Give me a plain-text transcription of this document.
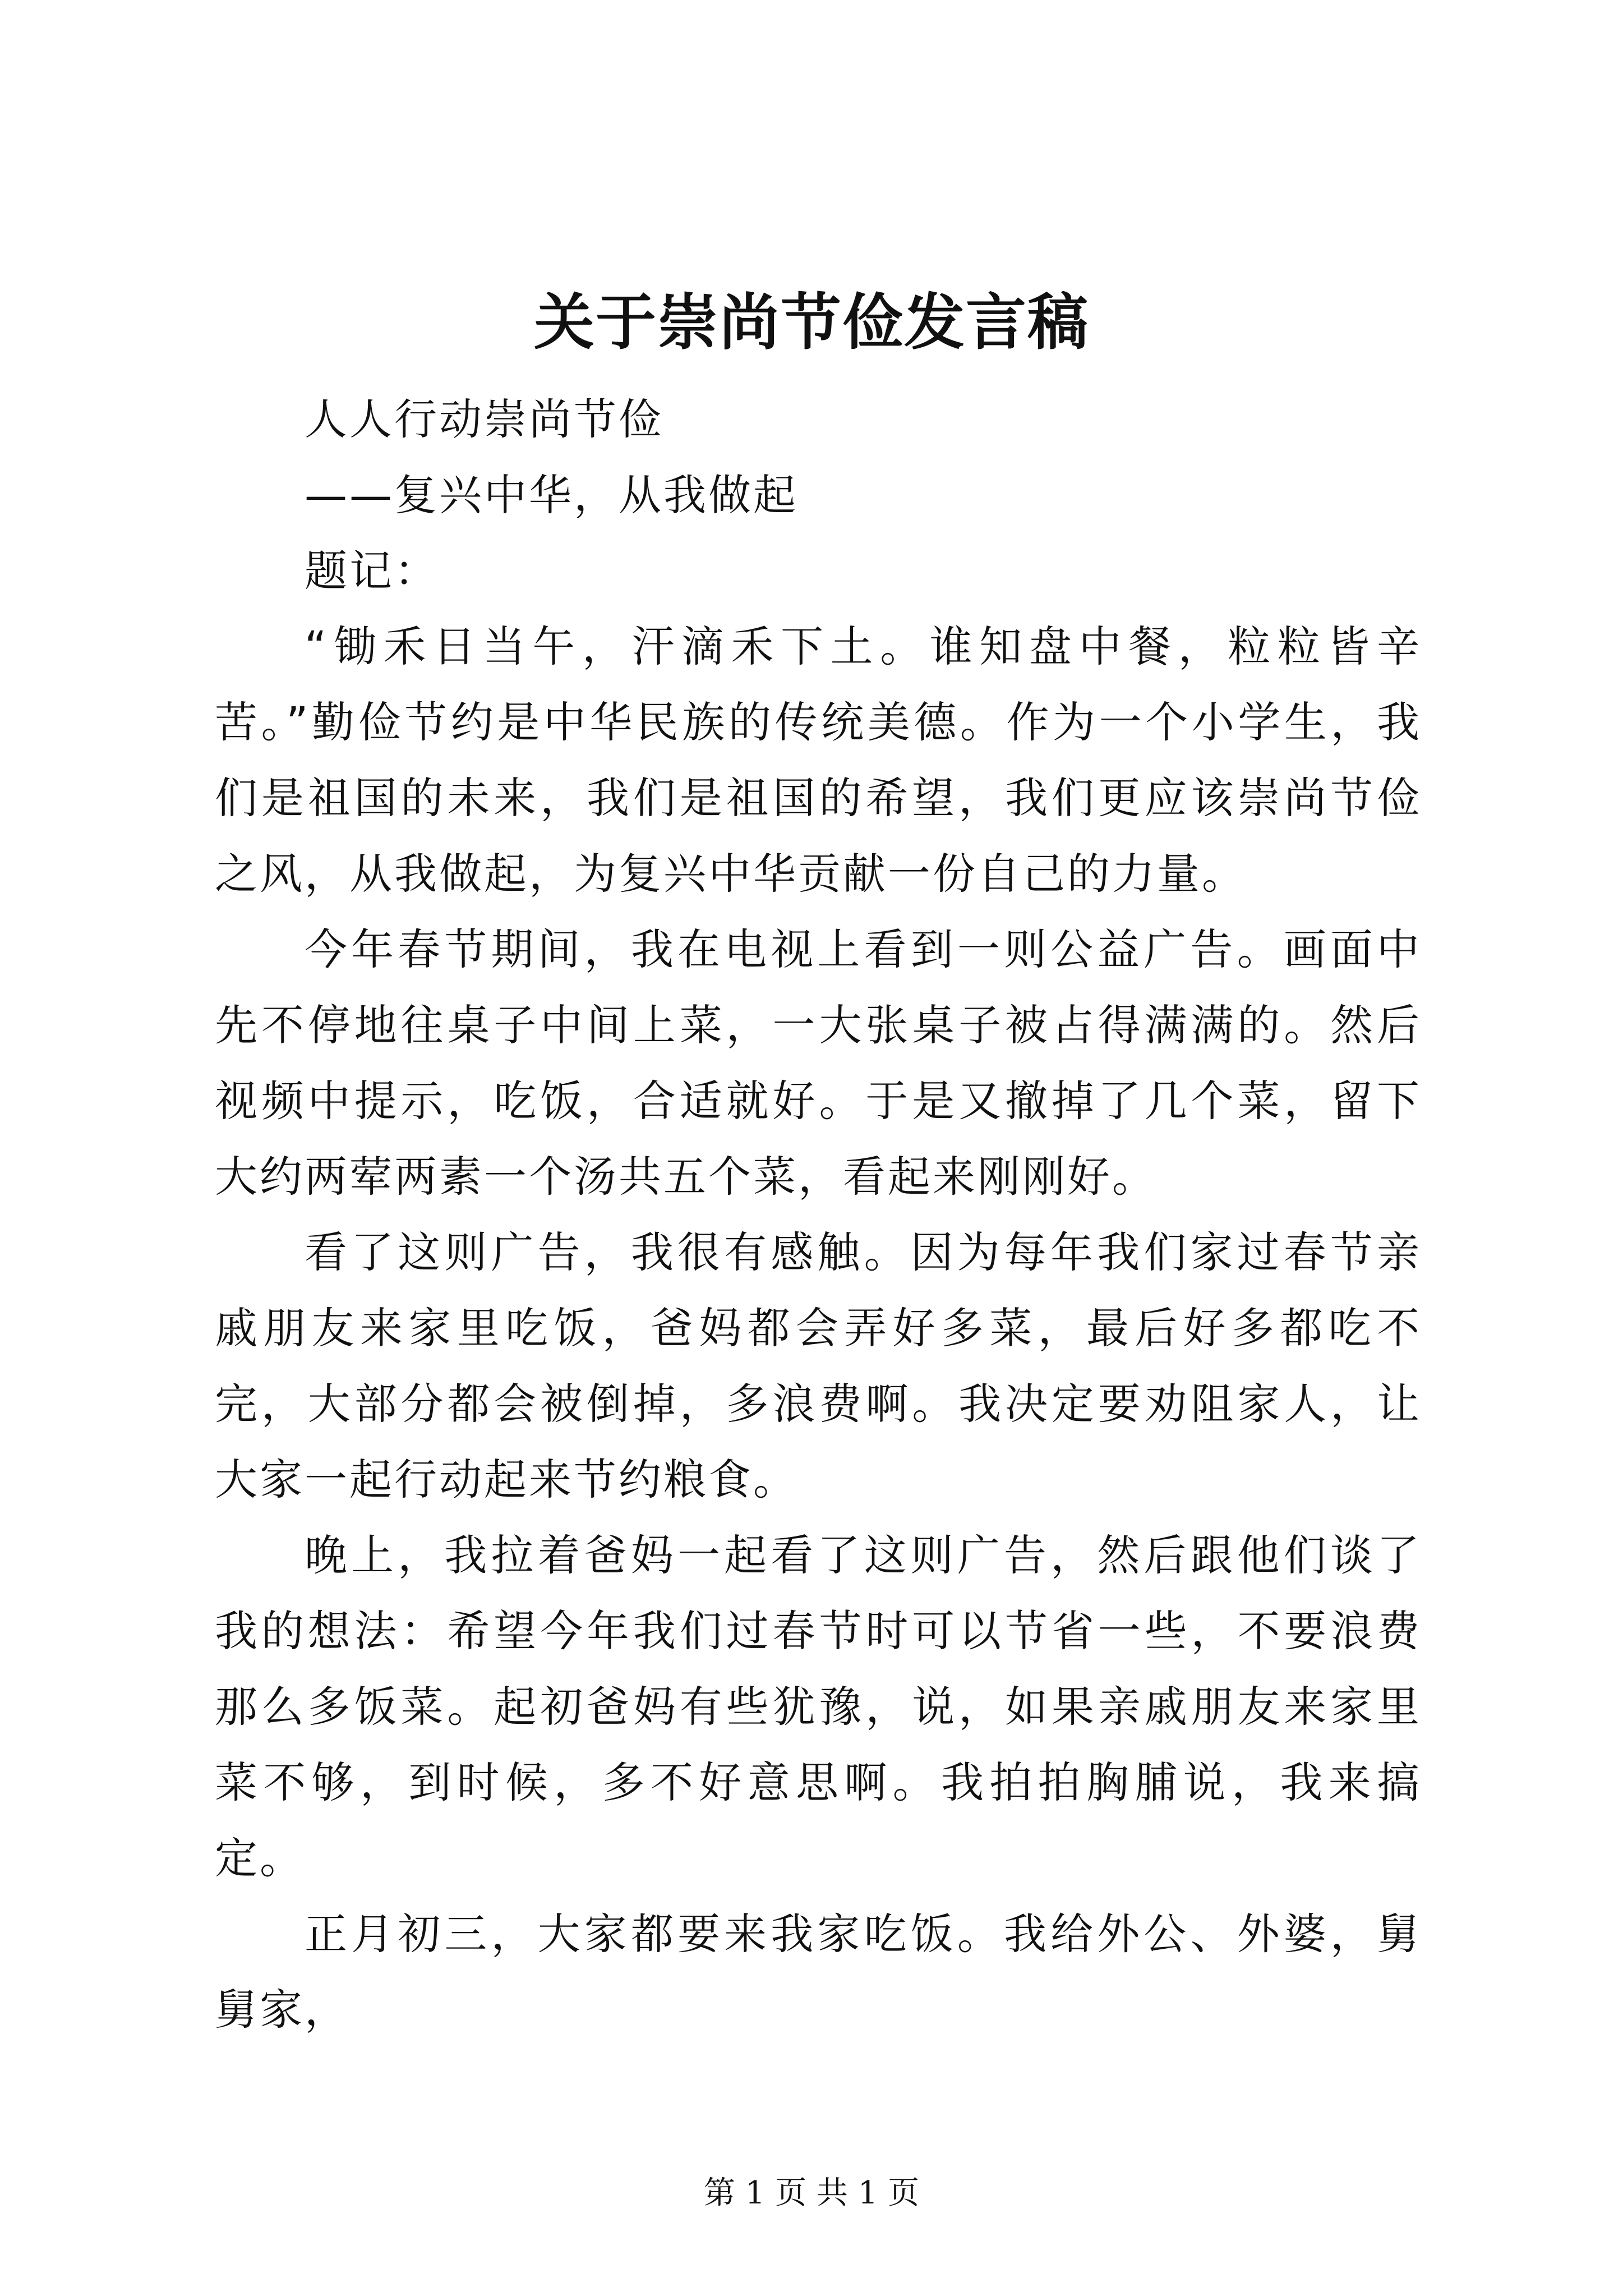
关于崇尚节俭发言稿

人人行动崇尚节俭

——复兴中华，从我做起

题记：

“锄禾日当午，汗滴禾下土。谁知盘中餐，粒粒皆辛苦。”勤俭节约是中华民族的传统美德。作为一个小学生，我们是祖国的未来，我们是祖国的希望，我们更应该崇尚节俭之风，从我做起，为复兴中华贡献一份自己的力量。

今年春节期间，我在电视上看到一则公益广告。画面中先不停地往桌子中间上菜，一大张桌子被占得满满的。然后视频中提示，吃饭，合适就好。于是又撤掉了几个菜，留下大约两荤两素一个汤共五个菜，看起来刚刚好。

看了这则广告，我很有感触。因为每年我们家过春节亲戚朋友来家里吃饭，爸妈都会弄好多菜，最后好多都吃不完，大部分都会被倒掉，多浪费啊。我决定要劝阻家人，让大家一起行动起来节约粮食。

晚上，我拉着爸妈一起看了这则广告，然后跟他们谈了我的想法：希望今年我们过春节时可以节省一些，不要浪费那么多饭菜。起初爸妈有些犹豫，说，如果亲戚朋友来家里菜不够，到时候，多不好意思啊。我拍拍胸脯说，我来搞定。

正月初三，大家都要来我家吃饭。我给外公、外婆，舅舅家，

第 1 页 共 1 页
